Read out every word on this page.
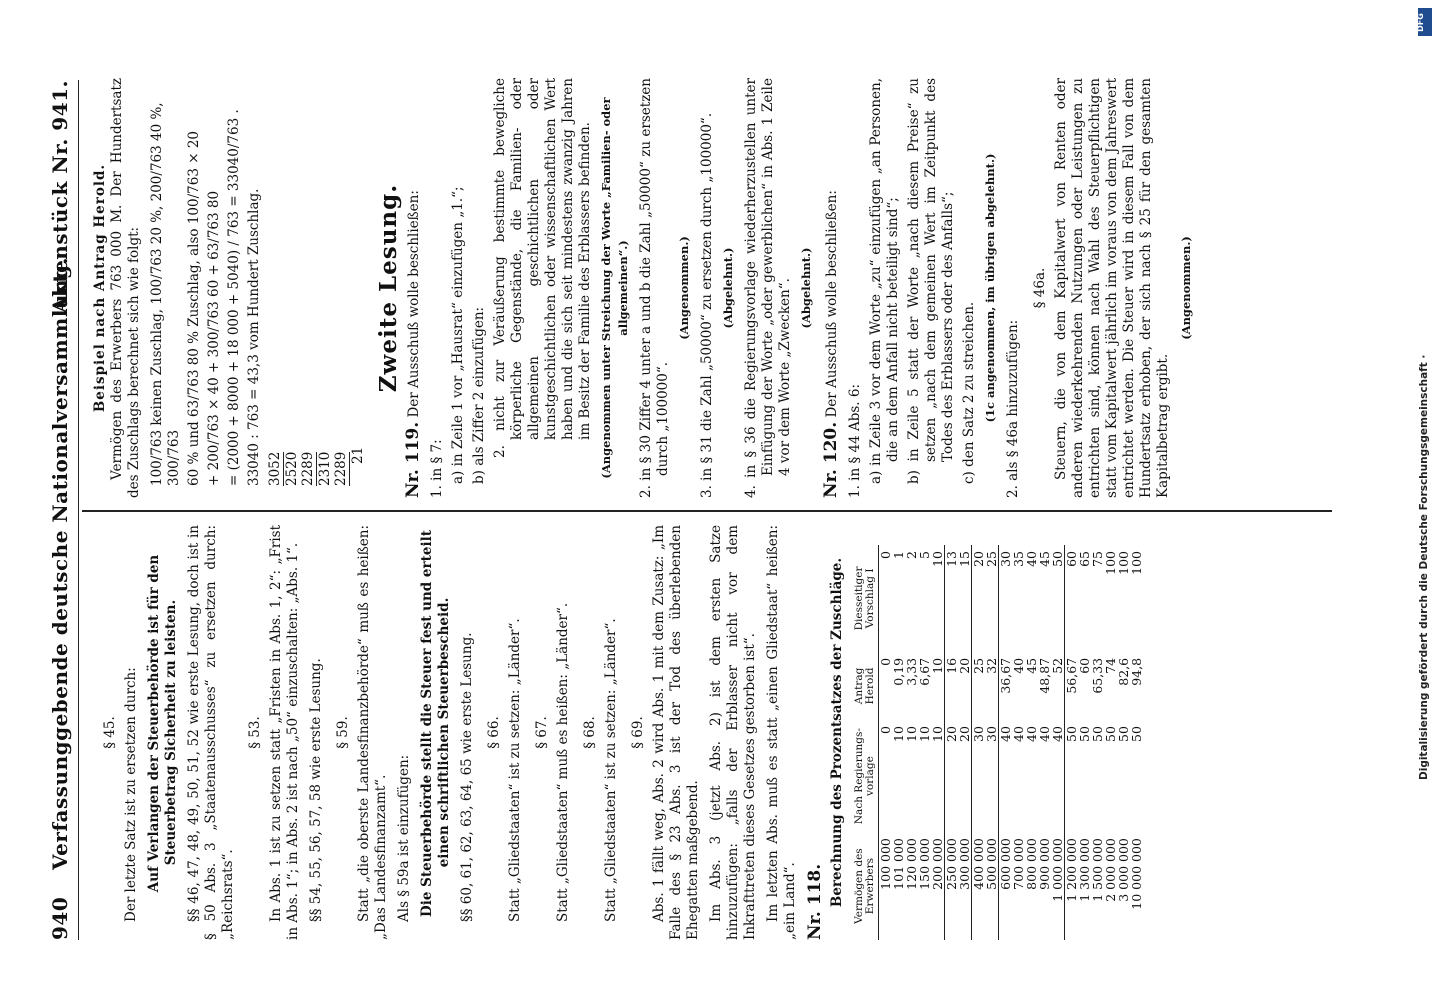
940
Verfassunggebende deutsche Nationalversammlung.
Aktenstück Nr. 941.
§ 45. Der letzte Satz ist zu ersetzen durch: Auf Verlangen der Steuerbehörde ist für den Steuerbetrag Sicherheit zu leisten. §§ 46, 47, 48, 49, 50, 51, 52 wie erste Lesung, doch ist in § 50 Abs. 3 „Staatenausschusses“ zu ersetzen durch: „Reichsrats“.

§ 53. In Abs. 1 ist zu setzen statt „Fristen in Abs. 1, 2“: „Frist in Abs. 1“; in Abs. 2 ist nach „50“ einzuschalten: „Abs. 1“. §§ 54, 55, 56, 57, 58 wie erste Lesung. § 59. Statt „die oberste Landesfinanzbehörde“ muß es heißen: „Das Landesfinanzamt“. Als § 59a ist einzufügen: Die Steuerbehörde stellt die Steuer fest und erteilt einen schriftlichen Steuerbescheid. §§ 60, 61, 62, 63, 64, 65 wie erste Lesung. § 66. Statt „Gliedstaaten“ ist zu setzen: „Länder“. § 67. Statt „Gliedstaaten“ muß es heißen: „Länder“. § 68. Statt „Gliedstaaten“ ist zu setzen: „Länder“. § 69. Abs. 1 fällt weg, Abs. 2 wird Abs. 1 mit dem Zusatz: „Im Falle des § 23 Abs. 3 ist der Tod des überlebenden Ehegatten maßgebend. Im Abs. 3 (jetzt Abs. 2) ist dem ersten Satze hinzuzufügen: „falls der Erblasser nicht vor dem Inkrafttreten dieses Gesetzes gestorben ist“. Im letzten Abs. muß es statt „einen Gliedstaat“ heißen: „ein Land“. Nr. 118. Berechnung des Prozentsatzes der Zuschläge. Vermögen des Erwerbers	Nach Regierungs-vorlage	Antrag Herold	Diesseitiger Vorschlag I
100 000	0	0	0
101 000	10	0,19	1
120 000	10	3,33	2
150 000	10	6,67	5
200 000	10	10	10
250 000	20	16	13
300 000	20	20	15
400 000	30	25	20
500 000	30	32	25
600 000	40	36,67	30
700 000	40	40	35
800 000	40	45	40
900 000	40	48,87	45
1 000 000	40	52	50
1 200 000	50	56,67	60
1 300 000	50	60	65
1 500 000	50	65,33	75
2 000 000	50	74	100
3 000 000	50	82,6	100
10 000 000	50	94,8	100
Beispiel nach Antrag Herold. Vermögen des Erwerbers 763 000 M. Der Hundertsatz des Zuschlags berechnet sich wie folgt: 100/763 keinen Zuschlag, 100/763 20 %, 200/763 40 %, 300/763 60 % und 63/763 80 % Zuschlag, also 100/763 × 20 + 200/763 × 40 + 300/763 60 + 63/763 80 = (2000 + 8000 + 18 000 + 5040) / 763 = 33040/763 . 33040 : 763 = 43,3 vom Hundert Zuschlag. 3052 2520 2289 2310 2289 21
Zweite Lesung.

Nr. 119. Der Ausschuß wolle beschließen:

1. in § 7: a) in Zeile 1 vor „Hausrat“ einzufügen „1.“; b) als Ziffer 2 einzufügen: 2. nicht zur Veräußerung bestimmte bewegliche körperliche Gegenstände, die Familien- oder allgemeinen geschichtlichen oder kunstgeschichtlichen oder wissenschaftlichen Wert haben und die sich seit mindestens zwanzig Jahren im Besitz der Familie des Erblassers befinden. (Angenommen unter Streichung der Worte „Familien- oder allgemeinen“.) 2. in § 30 Ziffer 4 unter a und b die Zahl „50000“ zu ersetzen durch „100000“.
(Angenommen.) 3. in § 31 die Zahl „50000“ zu ersetzen durch „100000“. (Abgelehnt.) 4. in § 36 die Regierungsvorlage wiederherzustellen unter Einfügung der Worte „oder gewerblichen“ in Abs. 1 Zeile 4 vor dem Worte „Zwecken“. (Abgelehnt.)

Nr. 120. Der Ausschuß wolle beschließen:

1. in § 44 Abs. 6: a) in Zeile 3 vor dem Worte „zu“ einzufügen „an Personen, die an dem Anfall nicht beteiligt sind“; b) in Zeile 5 statt der Worte „nach diesem Preise“ zu setzen „nach dem gemeinen Wert im Zeitpunkt des Todes des Erblassers oder des Anfalls“; c) den Satz 2 zu streichen. (1c angenommen, im übrigen abgelehnt.) 2. als § 46a hinzuzufügen:
§ 46a. Steuern, die von dem Kapitalwert von Renten oder anderen wiederkehrenden Nutzungen oder Leistungen zu entrichten sind, können nach Wahl des Steuerpflichtigen statt vom Kapitalwert jährlich im voraus von dem Jahreswert entrichtet werden. Die Steuer wird in diesem Fall von dem Hundertsatz erhoben, der sich nach § 25 für den gesamten Kapitalbetrag ergibt.

(Angenommen.)
DFG
Digitalisierung gefördert durch die Deutsche Forschungsgemeinschaft ·
